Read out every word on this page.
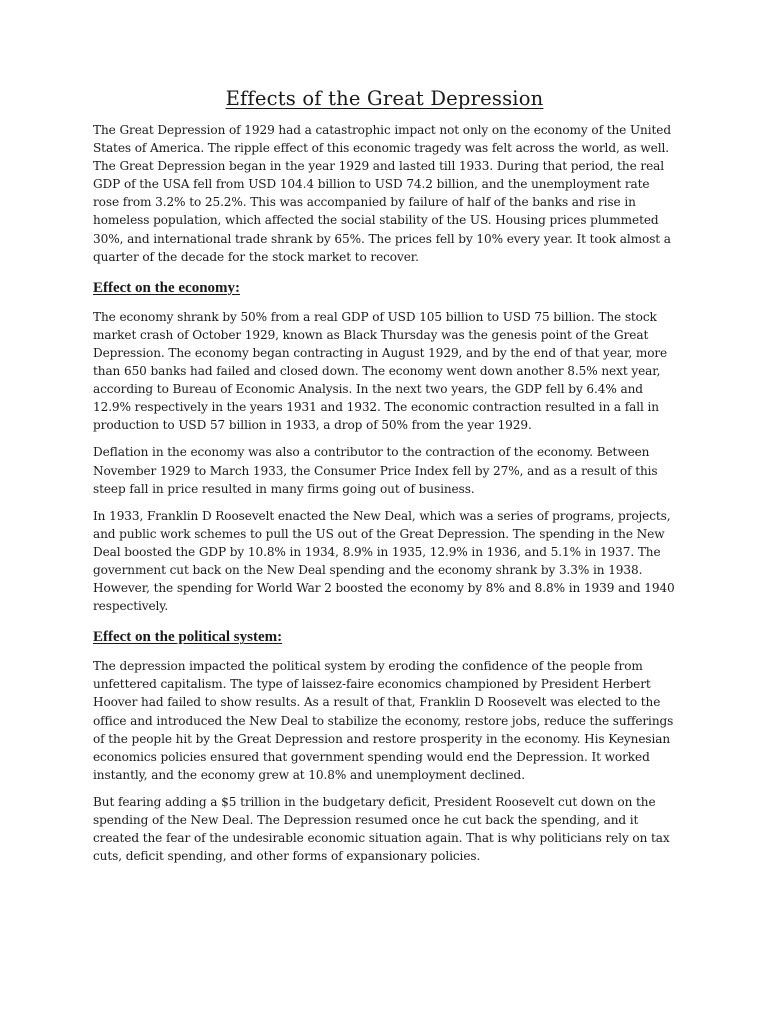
Effects of the Great Depression

The Great Depression of 1929 had a catastrophic impact not only on the economy of the United States of America. The ripple effect of this economic tragedy was felt across the world, as well. The Great Depression began in the year 1929 and lasted till 1933. During that period, the real GDP of the USA fell from USD 104.4 billion to USD 74.2 billion, and the unemployment rate rose from 3.2% to 25.2%. This was accompanied by failure of half of the banks and rise in homeless population, which affected the social stability of the US. Housing prices plummeted 30%, and international trade shrank by 65%. The prices fell by 10% every year. It took almost a quarter of the decade for the stock market to recover.

Effect on the economy:

The economy shrank by 50% from a real GDP of USD 105 billion to USD 75 billion. The stock market crash of October 1929, known as Black Thursday was the genesis point of the Great Depression. The economy began contracting in August 1929, and by the end of that year, more than 650 banks had failed and closed down. The economy went down another 8.5% next year, according to Bureau of Economic Analysis. In the next two years, the GDP fell by 6.4% and 12.9% respectively in the years 1931 and 1932. The economic contraction resulted in a fall in production to USD 57 billion in 1933, a drop of 50% from the year 1929.

Deflation in the economy was also a contributor to the contraction of the economy. Between November 1929 to March 1933, the Consumer Price Index fell by 27%, and as a result of this steep fall in price resulted in many firms going out of business.

In 1933, Franklin D Roosevelt enacted the New Deal, which was a series of programs, projects, and public work schemes to pull the US out of the Great Depression. The spending in the New Deal boosted the GDP by 10.8% in 1934, 8.9% in 1935, 12.9% in 1936, and 5.1% in 1937. The government cut back on the New Deal spending and the economy shrank by 3.3% in 1938. However, the spending for World War 2 boosted the economy by 8% and 8.8% in 1939 and 1940 respectively.

Effect on the political system:

The depression impacted the political system by eroding the confidence of the people from unfettered capitalism. The type of laissez-faire economics championed by President Herbert Hoover had failed to show results. As a result of that, Franklin D Roosevelt was elected to the office and introduced the New Deal to stabilize the economy, restore jobs, reduce the sufferings of the people hit by the Great Depression and restore prosperity in the economy. His Keynesian economics policies ensured that government spending would end the Depression. It worked instantly, and the economy grew at 10.8% and unemployment declined.

But fearing adding a $5 trillion in the budgetary deficit, President Roosevelt cut down on the spending of the New Deal. The Depression resumed once he cut back the spending, and it created the fear of the undesirable economic situation again. That is why politicians rely on tax cuts, deficit spending, and other forms of expansionary policies.
